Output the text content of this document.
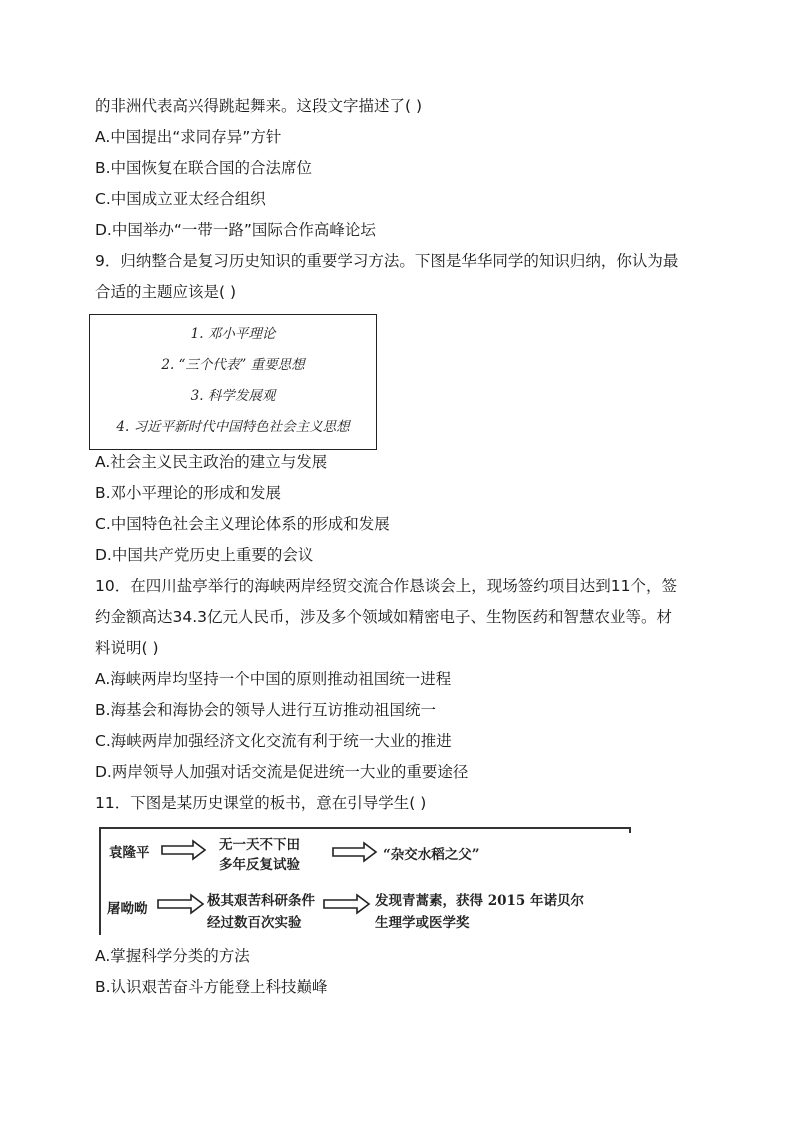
的非洲代表高兴得跳起舞来。这段文字描述了( )
A.中国提出“求同存异”方针
B.中国恢复在联合国的合法席位
C.中国成立亚太经合组织
D.中国举办“一带一路”国际合作高峰论坛
9．归纳整合是复习历史知识的重要学习方法。下图是华华同学的知识归纳，你认为最
合适的主题应该是( )
1. 邓小平理论
2. “三个代表” 重要思想
3. 科学发展观
4. 习近平新时代中国特色社会主义思想
A.社会主义民主政治的建立与发展
B.邓小平理论的形成和发展
C.中国特色社会主义理论体系的形成和发展
D.中国共产党历史上重要的会议
10．在四川盐亭举行的海峡两岸经贸交流合作恳谈会上，现场签约项目达到11个，签
约金额高达34.3亿元人民币，涉及多个领域如精密电子、生物医药和智慧农业等。材
料说明( )
A.海峡两岸均坚持一个中国的原则推动祖国统一进程
B.海基会和海协会的领导人进行互访推动祖国统一
C.海峡两岸加强经济文化交流有利于统一大业的推进
D.两岸领导人加强对话交流是促进统一大业的重要途径
11．下图是某历史课堂的板书，意在引导学生( )
袁隆平	无一天不下田
多年反复试验
“杂交水稻之父”
屠呦呦	极其艰苦科研条件
经过数百次实验
发现青蒿素，获得 2015 年诺贝尔
生理学或医学奖
A.掌握科学分类的方法
B.认识艰苦奋斗方能登上科技巅峰
